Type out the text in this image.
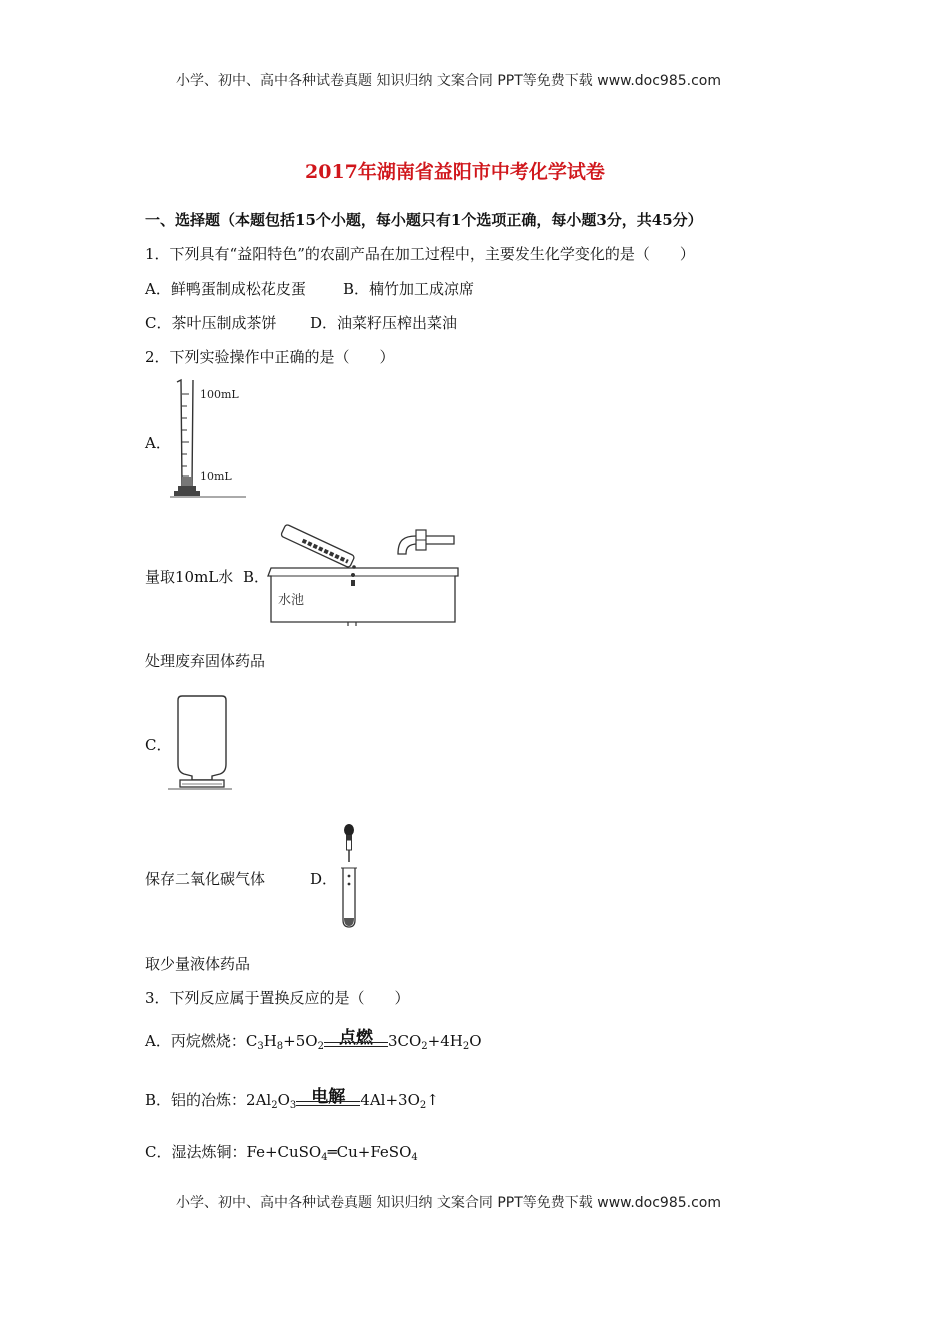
小学、初中、高中各种试卷真题 知识归纳 文案合同 PPT等免费下载 www.doc985.com
2017年湖南省益阳市中考化学试卷
一、选择题（本题包括15个小题，每小题只有1个选项正确，每小题3分，共45分）
1．下列具有“益阳特色”的农副产品在加工过程中，主要发生化学变化的是（　　）
A．鲜鸭蛋制成松花皮蛋 B．楠竹加工成凉席
C．茶叶压制成茶饼 D．油菜籽压榨出菜油
2．下列实验操作中正确的是（　　）
A．
100mL
10mL
量取10mL水 B．
水池
处理废弃固体药品
C．
保存二氧化碳气体	D．
取少量液体药品
3．下列反应属于置换反应的是（　　）
A．丙烷燃烧：$C_3H_8+5O_2$ 点燃	$3CO_2+4H_2O$
B．铝的冶炼：$2Al_2O_3$ 电解	$4Al+3O_2↑$
C．湿法炼铜：Fe+CuSO$_4$═Cu+FeSO$_4$
小学、初中、高中各种试卷真题 知识归纳 文案合同 PPT等免费下载 www.doc985.com
